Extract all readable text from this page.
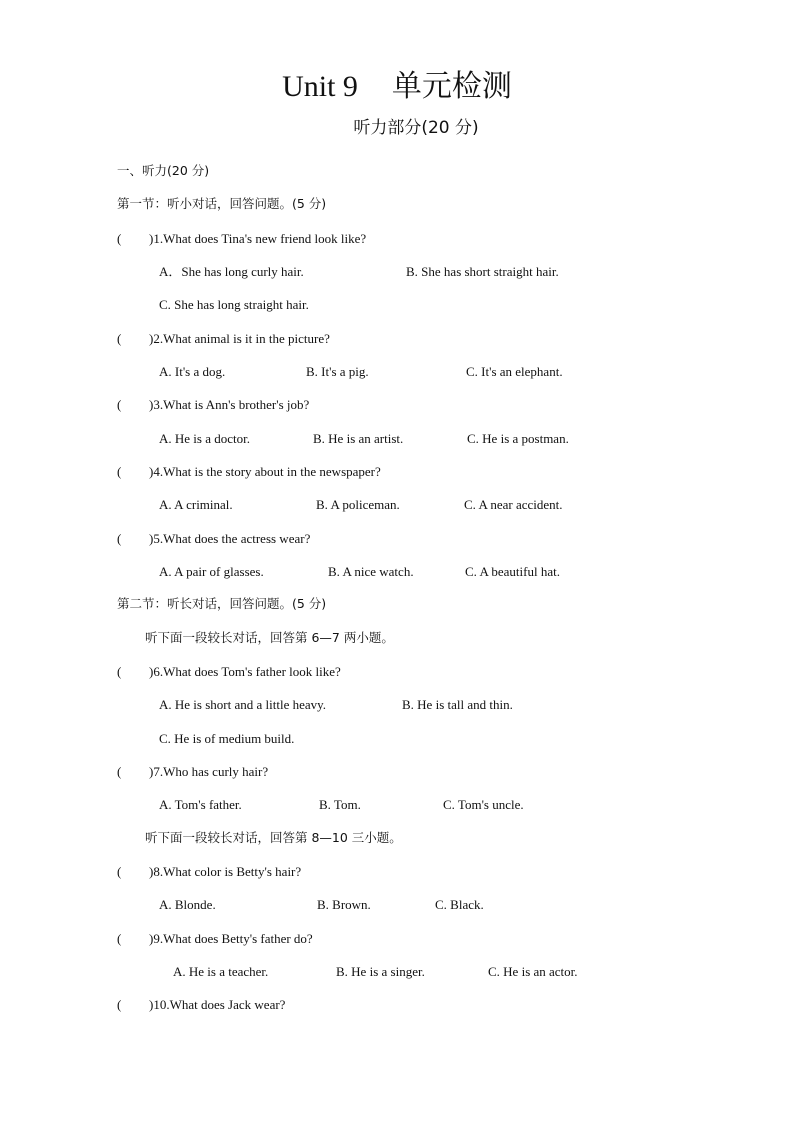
Unit 9 单元检测
听力部分(20 分)
一、听力(20 分)
第一节：听小对话，回答问题。(5 分)
( )1.What does Tina's new friend look like?
A．She has long curly hair.	B. She has short straight hair.
C. She has long straight hair.
( )2.What animal is it in the picture?
A. It's a dog.	B. It's a pig.	C. It's an elephant.
( )3.What is Ann's brother's job?
A. He is a doctor.	B. He is an artist.	C. He is a postman.
( )4.What is the story about in the newspaper?
A. A criminal.	B. A policeman.	C. A near accident.
( )5.What does the actress wear?
A. A pair of glasses.	B. A nice watch.	C. A beautiful hat.
第二节：听长对话，回答问题。(5 分)
听下面一段较长对话，回答第 6—7 两小题。
( )6.What does Tom's father look like?
A. He is short and a little heavy.	B. He is tall and thin.
C. He is of medium build.
( )7.Who has curly hair?
A. Tom's father.	B. Tom.	C. Tom's uncle.
听下面一段较长对话，回答第 8—10 三小题。
( )8.What color is Betty's hair?
A. Blonde.	B. Brown.	C. Black.
( )9.What does Betty's father do?
A. He is a teacher.	B. He is a singer.	C. He is an actor.
( )10.What does Jack wear?
